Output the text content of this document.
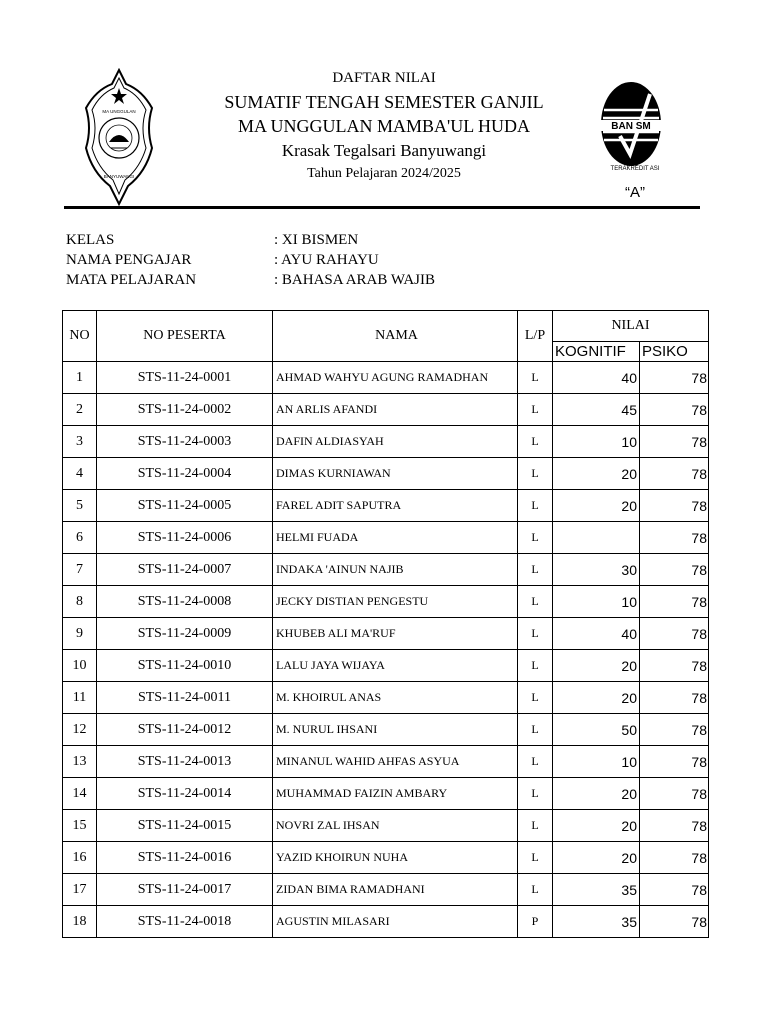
MA UNGGULAN
BANYUWANGI
DAFTAR NILAI
SUMATIF TENGAH SEMESTER GANJIL
MA UNGGULAN MAMBA'UL HUDA
Krasak Tegalsari Banyuwangi
Tahun Pelajaran 2024/2025
BAN SM
TERAKREDIT ASI
“A”
KELAS	: XI BISMEN
NAMA PENGAJAR	: AYU RAHAYU
MATA PELAJARAN	: BAHASA ARAB WAJIB
NO	NO PESERTA	NAMA	L/P	NILAI	
				KOGNITIF	PSIKO
1	STS-11-24-0001	AHMAD WAHYU AGUNG RAMADHAN	L	40	78
2	STS-11-24-0002	AN ARLIS AFANDI	L	45	78
3	STS-11-24-0003	DAFIN ALDIASYAH	L	10	78
4	STS-11-24-0004	DIMAS KURNIAWAN	L	20	78
5	STS-11-24-0005	FAREL ADIT SAPUTRA	L	20	78
6	STS-11-24-0006	HELMI FUADA	L		78
7	STS-11-24-0007	INDAKA 'AINUN NAJIB	L	30	78
8	STS-11-24-0008	JECKY DISTIAN PENGESTU	L	10	78
9	STS-11-24-0009	KHUBEB ALI MA'RUF	L	40	78
10	STS-11-24-0010	LALU JAYA WIJAYA	L	20	78
11	STS-11-24-0011	M. KHOIRUL ANAS	L	20	78
12	STS-11-24-0012	M. NURUL IHSANI	L	50	78
13	STS-11-24-0013	MINANUL WAHID AHFAS ASYUA	L	10	78
14	STS-11-24-0014	MUHAMMAD FAIZIN AMBARY	L	20	78
15	STS-11-24-0015	NOVRI ZAL IHSAN	L	20	78
16	STS-11-24-0016	YAZID KHOIRUN NUHA	L	20	78
17	STS-11-24-0017	ZIDAN BIMA RAMADHANI	L	35	78
18	STS-11-24-0018	AGUSTIN MILASARI	P	35	78
